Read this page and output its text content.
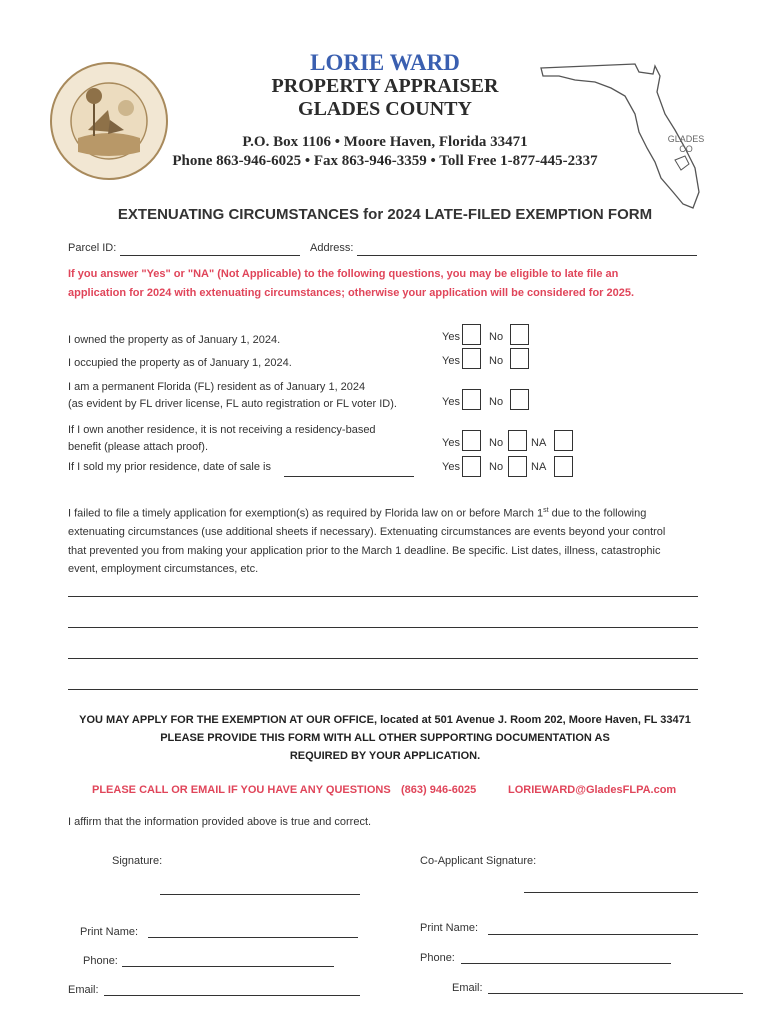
LORIE WARD
PROPERTY APPRAISER
GLADES COUNTY
P.O. Box 1106 • Moore Haven, Florida 33471
Phone 863-946-6025 • Fax 863-946-3359 • Toll Free 1-877-445-2337
GLADES
CO
EXTENUATING CIRCUMSTANCES for 2024 LATE-FILED EXEMPTION FORM
Parcel ID:	Address:
If you answer "Yes" or "NA" (Not Applicable) to the following questions, you may be eligible to late file an
application for 2024 with extenuating circumstances; otherwise your application will be considered for 2025.
I owned the property as of January 1, 2024.	Yes	No
I occupied the property as of January 1, 2024.	Yes	No
I am a permanent Florida (FL) resident as of January 1, 2024
(as evident by FL driver license, FL auto registration or FL voter ID).	Yes	No
If I own another residence, it is not receiving a residency-based
benefit (please attach proof).	Yes	No	NA
If I sold my prior residence, date of sale is	Yes	No	NA
I failed to file a timely application for exemption(s) as required by Florida law on or before March 1st due to the following
extenuating circumstances (use additional sheets if necessary). Extenuating circumstances are events beyond your control
that prevented you from making your application prior to the March 1 deadline. Be specific. List dates, illness, catastrophic
event, employment circumstances, etc.
YOU MAY APPLY FOR THE EXEMPTION AT OUR OFFICE, located at 501 Avenue J. Room 202, Moore Haven, FL 33471
PLEASE PROVIDE THIS FORM WITH ALL OTHER SUPPORTING DOCUMENTATION AS
REQUIRED BY YOUR APPLICATION.
PLEASE CALL OR EMAIL IF YOU HAVE ANY QUESTIONS (863) 946-6025	LORIEWARD@GladesFLPA.com
I affirm that the information provided above is true and correct.
Signature:	Co-Applicant Signature:
Print Name:	Print Name:
Phone:	Phone:
Email:	Email:
